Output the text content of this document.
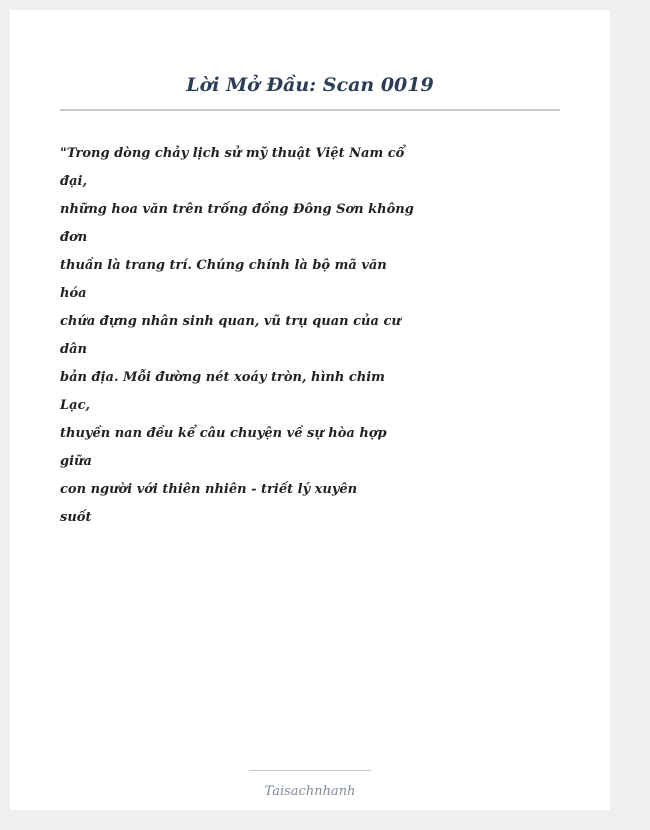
Lời Mở Đầu: Scan 0019
"Trong dòng chảy lịch sử mỹ thuật Việt Nam cổ
đại,
những hoa văn trên trống đồng Đông Sơn không
đơn
thuần là trang trí. Chúng chính là bộ mã văn
hóa
chứa đựng nhân sinh quan, vũ trụ quan của cư
dân
bản địa. Mỗi đường nét xoáy tròn, hình chim
Lạc,
thuyền nan đều kể câu chuyện về sự hòa hợp
giữa
con người với thiên nhiên - triết lý xuyên
suốt
Taisachnhanh
